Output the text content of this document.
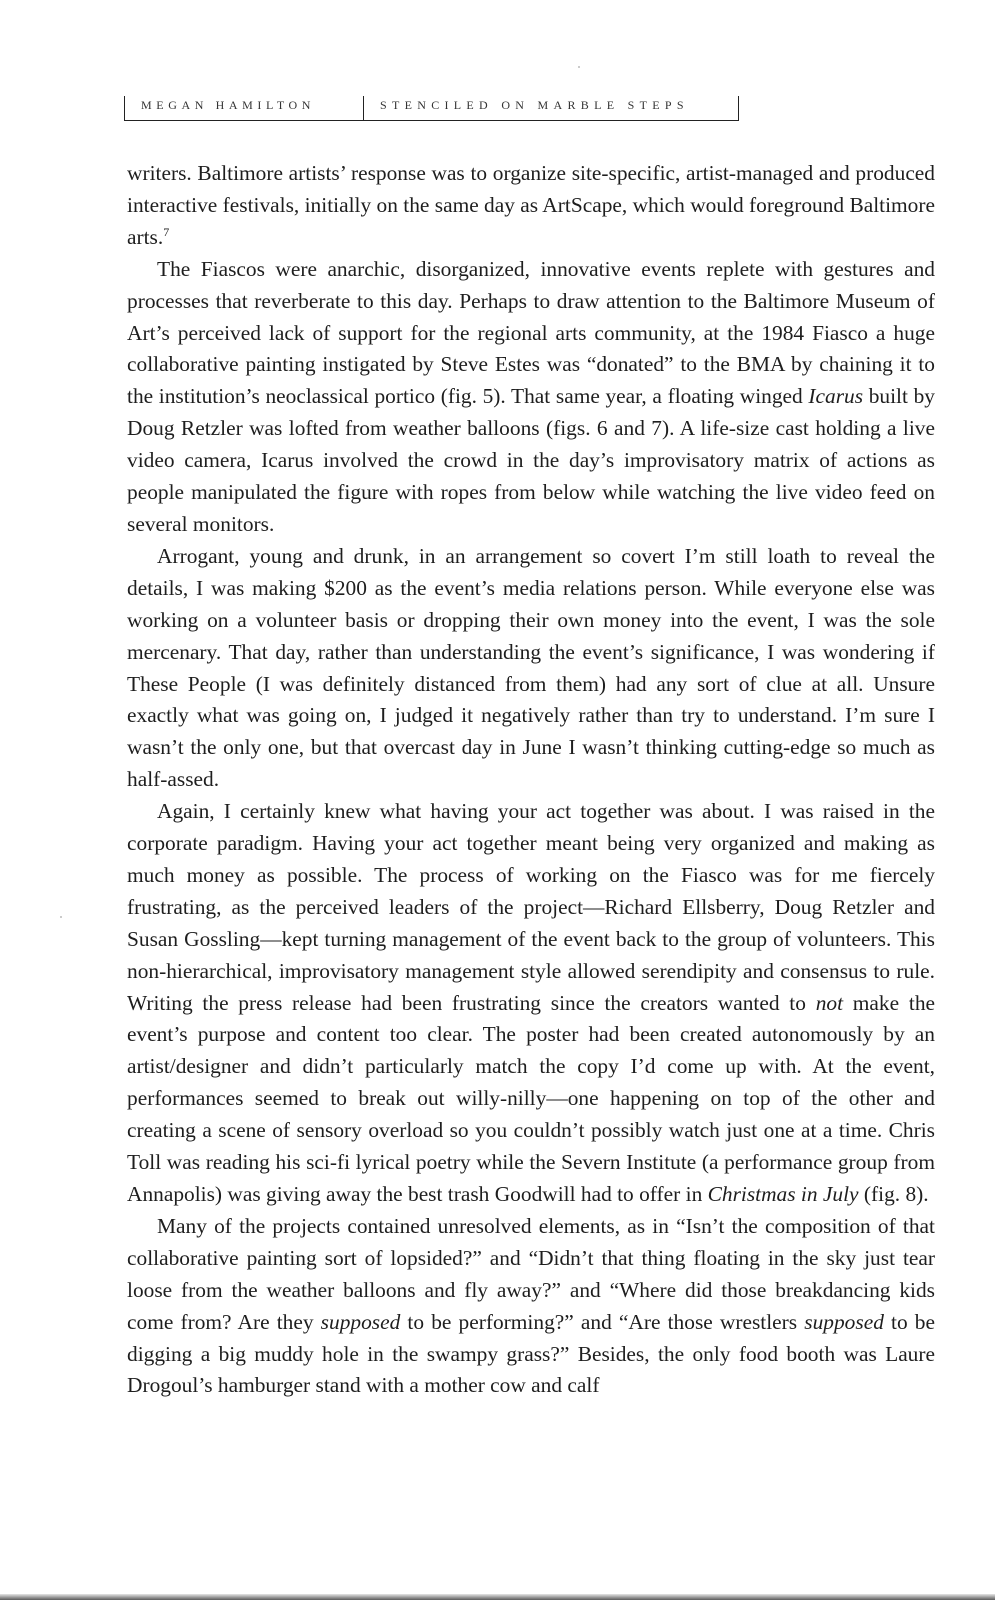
MEGAN HAMILTON	STENCILED ON MARBLE STEPS

writers. Baltimore artists’ response was to organize site-specific, artist-managed and produced interactive festivals, initially on the same day as ArtScape, which would foreground Baltimore arts.$^7$

The Fiascos were anarchic, disorganized, innovative events replete with gestures and processes that reverberate to this day. Perhaps to draw attention to the Baltimore Museum of Art’s perceived lack of support for the regional arts community, at the 1984 Fiasco a huge collaborative painting instigated by Steve Estes was “donated” to the BMA by chaining it to the institution’s neoclassical portico (fig. 5). That same year, a floating winged Icarus built by Doug Retzler was lofted from weather balloons (figs. 6 and 7). A life-size cast holding a live video camera, Icarus involved the crowd in the day’s improvisatory matrix of actions as people manipulated the figure with ropes from below while watching the live video feed on several monitors.

Arrogant, young and drunk, in an arrangement so covert I’m still loath to reveal the details, I was making $200 as the event’s media relations person. While everyone else was working on a volunteer basis or dropping their own money into the event, I was the sole mercenary. That day, rather than understanding the event’s significance, I was wondering if These People (I was definitely distanced from them) had any sort of clue at all. Unsure exactly what was going on, I judged it negatively rather than try to understand. I’m sure I wasn’t the only one, but that overcast day in June I wasn’t thinking cutting-edge so much as half-assed.

Again, I certainly knew what having your act together was about. I was raised in the corporate paradigm. Having your act together meant being very organized and making as much money as possible. The process of working on the Fiasco was for me fiercely frustrating, as the perceived leaders of the project—Richard Ellsberry, Doug Retzler and Susan Gossling—kept turning management of the event back to the group of volunteers. This non-hierarchical, improvisatory management style allowed serendipity and consensus to rule. Writing the press release had been frustrating since the creators wanted to not make the event’s purpose and content too clear. The poster had been created autonomously by an artist/designer and didn’t particularly match the copy I’d come up with. At the event, performances seemed to break out willy-nilly—one happening on top of the other and creating a scene of sensory overload so you couldn’t possibly watch just one at a time. Chris Toll was reading his sci-fi lyrical poetry while the Severn Institute (a performance group from Annapolis) was giving away the best trash Goodwill had to offer in Christmas in July (fig. 8).

Many of the projects contained unresolved elements, as in “Isn’t the composition of that collaborative painting sort of lopsided?” and “Didn’t that thing floating in the sky just tear loose from the weather balloons and fly away?” and “Where did those breakdancing kids come from? Are they supposed to be performing?” and “Are those wrestlers supposed to be digging a big muddy hole in the swampy grass?” Besides, the only food booth was Laure Drogoul’s hamburger stand with a mother cow and calf
